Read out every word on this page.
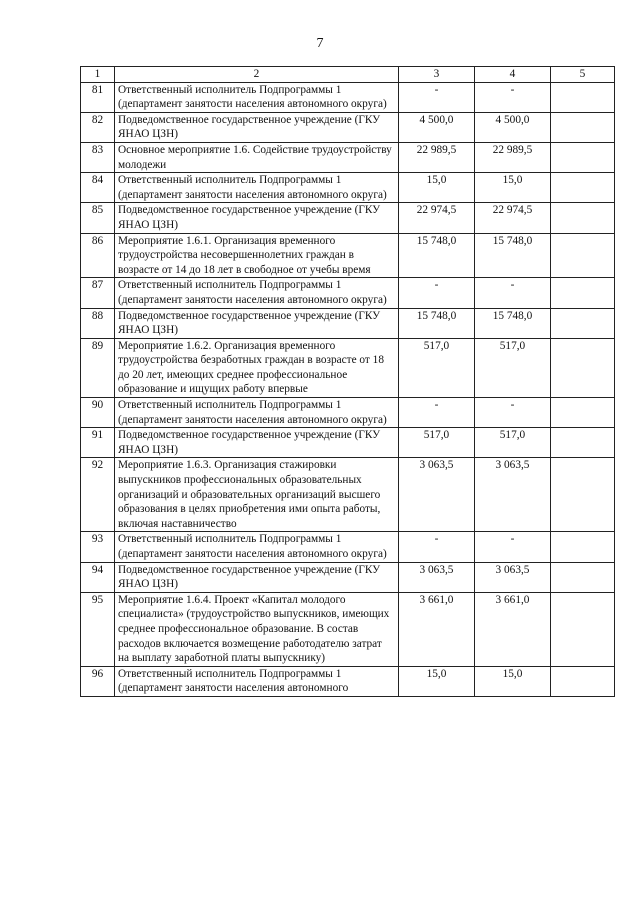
7
1	2	3	4	5
81	Ответственный исполнитель Подпрограммы 1 (департамент занятости населения автономного округа)	-	-	
82	Подведомственное государственное учреждение (ГКУ ЯНАО ЦЗН)	4 500,0	4 500,0	
83	Основное мероприятие 1.6. Содействие трудоустройству молодежи	22 989,5	22 989,5	
84	Ответственный исполнитель Подпрограммы 1 (департамент занятости населения автономного округа)	15,0	15,0	
85	Подведомственное государственное учреждение (ГКУ ЯНАО ЦЗН)	22 974,5	22 974,5	
86	Мероприятие 1.6.1. Организация временного трудоустройства несовершеннолетних граждан в возрасте от 14 до 18 лет в свободное от учебы время	15 748,0	15 748,0	
87	Ответственный исполнитель Подпрограммы 1 (департамент занятости населения автономного округа)	-	-	
88	Подведомственное государственное учреждение (ГКУ ЯНАО ЦЗН)	15 748,0	15 748,0	
89	Мероприятие 1.6.2. Организация временного трудоустройства безработных граждан в возрасте от 18 до 20 лет, имеющих среднее профессиональное образование и ищущих работу впервые	517,0	517,0	
90	Ответственный исполнитель Подпрограммы 1 (департамент занятости населения автономного округа)	-	-	
91	Подведомственное государственное учреждение (ГКУ ЯНАО ЦЗН)	517,0	517,0	
92	Мероприятие 1.6.3. Организация стажировки выпускников профессиональных образовательных организаций и образовательных организаций высшего образования в целях приобретения ими опыта работы, включая наставничество	3 063,5	3 063,5	
93	Ответственный исполнитель Подпрограммы 1 (департамент занятости населения автономного округа)	-	-	
94	Подведомственное государственное учреждение (ГКУ ЯНАО ЦЗН)	3 063,5	3 063,5	
95	Мероприятие 1.6.4. Проект «Капитал молодого специалиста» (трудоустройство выпускников, имеющих среднее профессиональное образование. В состав расходов включается возмещение работодателю затрат на выплату заработной платы выпускнику)	3 661,0	3 661,0	
96	Ответственный исполнитель Подпрограммы 1 (департамент занятости населения автономного	15,0	15,0	
